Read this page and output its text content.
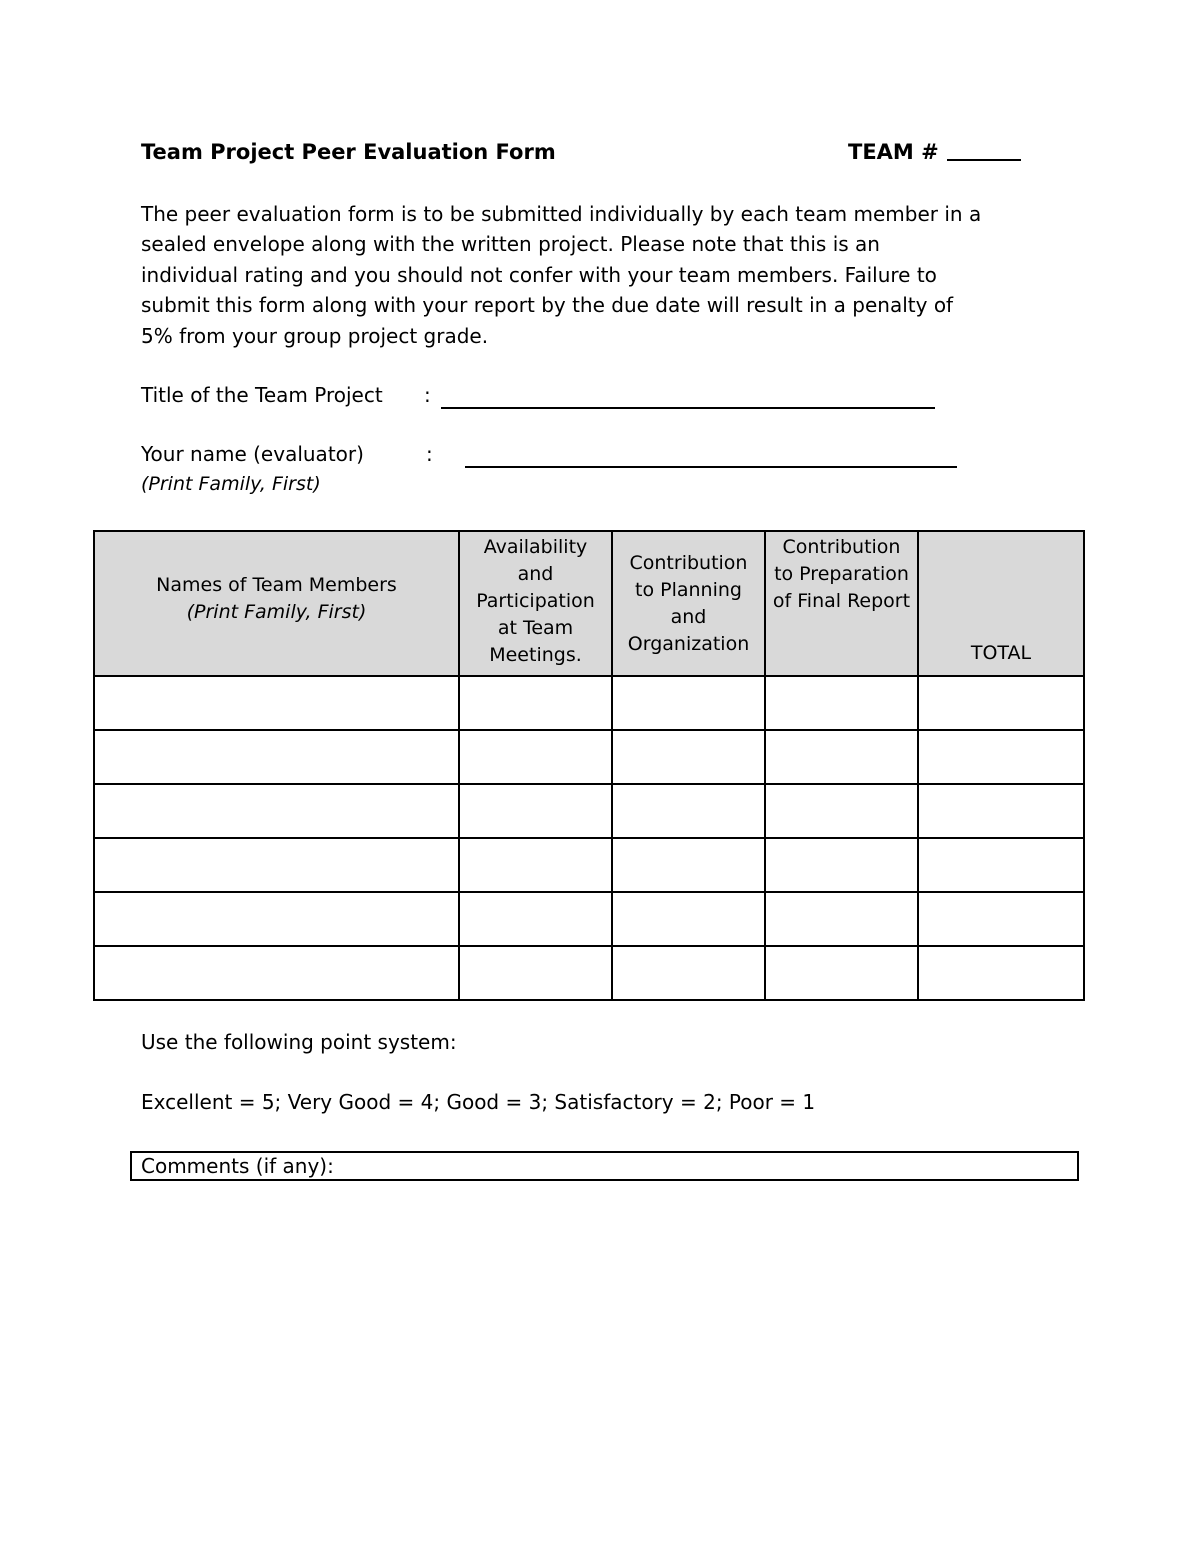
Team Project Peer Evaluation Form	TEAM #

The peer evaluation form is to be submitted individually by each team member in a
sealed envelope along with the written project. Please note that this is an
individual rating and you should not confer with your team members. Failure to
submit this form along with your report by the due date will result in a penalty of
5% from your group project grade.

Title of the Team Project :
Your name (evaluator)	:
(Print Family, First)
Names of Team Members
(Print Family, First)	Availability and Participation at Team Meetings.	Contribution to Planning and Organization	Contribution to Preparation of Final Report	TOTAL

Use the following point system:
Excellent = 5; Very Good = 4; Good = 3; Satisfactory = 2; Poor = 1
Comments (if any):
